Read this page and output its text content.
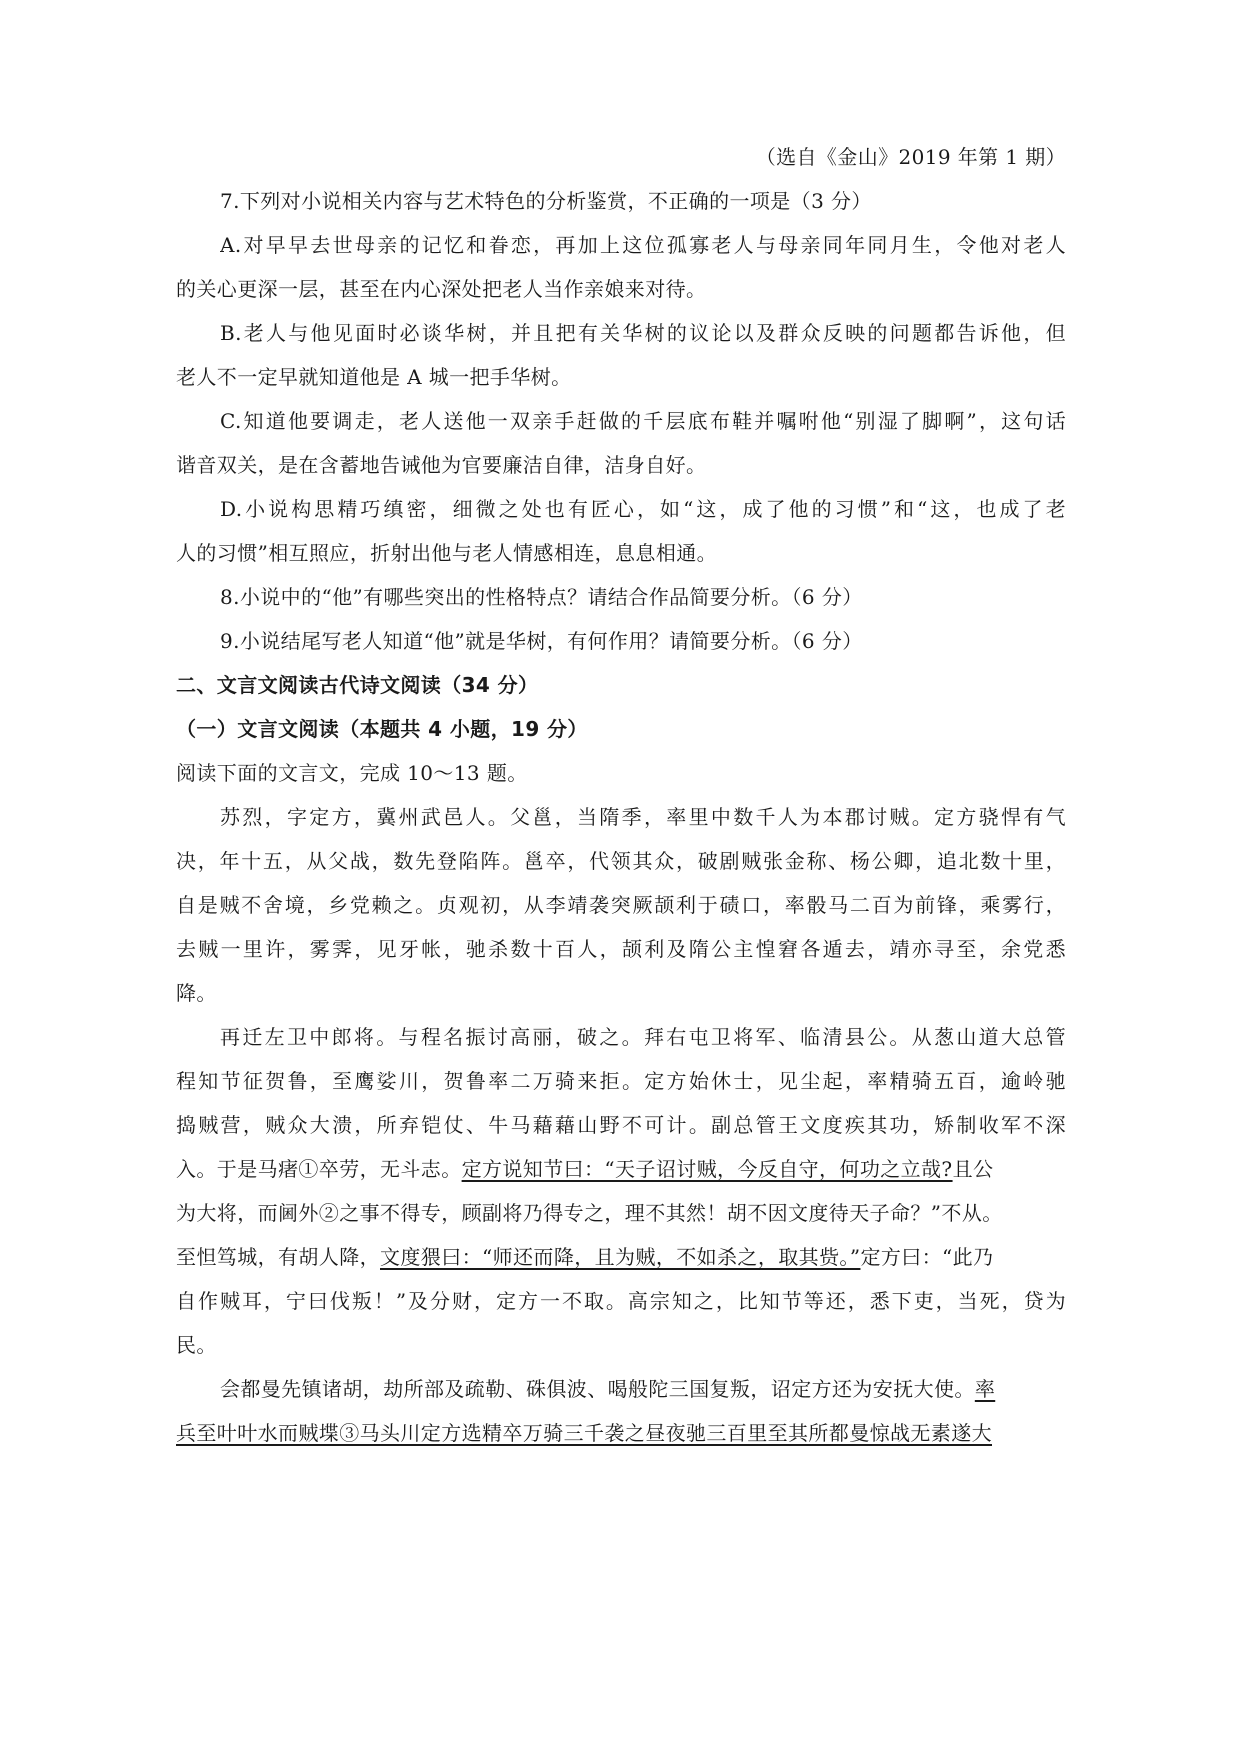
（选自《金山》2019 年第 1 期）
7.下列对小说相关内容与艺术特色的分析鉴赏，不正确的一项是（3 分）
A.对早早去世母亲的记忆和眷恋，再加上这位孤寡老人与母亲同年同月生，令他对老人
的关心更深一层，甚至在内心深处把老人当作亲娘来对待。
B.老人与他见面时必谈华树，并且把有关华树的议论以及群众反映的问题都告诉他，但
老人不一定早就知道他是 A 城一把手华树。
C.知道他要调走，老人送他一双亲手赶做的千层底布鞋并嘱咐他“别湿了脚啊”，这句话
谐音双关，是在含蓄地告诫他为官要廉洁自律，洁身自好。
D.小说构思精巧缜密，细微之处也有匠心，如“这，成了他的习惯”和“这，也成了老
人的习惯”相互照应，折射出他与老人情感相连，息息相通。
8.小说中的“他”有哪些突出的性格特点？请结合作品简要分析。（6 分）
9.小说结尾写老人知道“他”就是华树，有何作用？请简要分析。（6 分）
二、文言文阅读古代诗文阅读（34 分）
（一）文言文阅读（本题共 4 小题，19 分）
阅读下面的文言文，完成 10～13 题。
苏烈，字定方，冀州武邑人。父邕，当隋季，率里中数千人为本郡讨贼。定方骁悍有气
决，年十五，从父战，数先登陷阵。邕卒，代领其众，破剧贼张金称、杨公卿，追北数十里，
自是贼不舍境，乡党赖之。贞观初，从李靖袭突厥颉利于碛口，率骰马二百为前锋，乘雾行，
去贼一里许，雾霁，见牙帐，驰杀数十百人，颉利及隋公主惶窘各遁去，靖亦寻至，余党悉
降。
再迁左卫中郎将。与程名振讨高丽，破之。拜右屯卫将军、临清县公。从葱山道大总管
程知节征贺鲁，至鹰娑川，贺鲁率二万骑来拒。定方始休士，见尘起，率精骑五百，逾岭驰
捣贼营，贼众大溃，所弃铠仗、牛马藉藉山野不可计。副总管王文度疾其功，矫制收军不深
入。于是马瘏①卒劳，无斗志。定方说知节曰：“天子诏讨贼，今反自守，何功之立哉?且公
为大将，而阃外②之事不得专，顾副将乃得专之，理不其然！胡不因文度待天子命？”不从。
至怛笃城，有胡人降，文度猥曰：“师还而降，且为贼，不如杀之，取其赀。”定方曰：“此乃
自作贼耳，宁曰伐叛！”及分财，定方一不取。高宗知之，比知节等还，悉下吏，当死，贷为
民。
会都曼先镇诸胡，劫所部及疏勒、硃俱波、喝般陀三国复叛，诏定方还为安抚大使。率
兵至叶叶水而贼堞③马头川定方选精卒万骑三千袭之昼夜驰三百里至其所都曼惊战无素遂大
